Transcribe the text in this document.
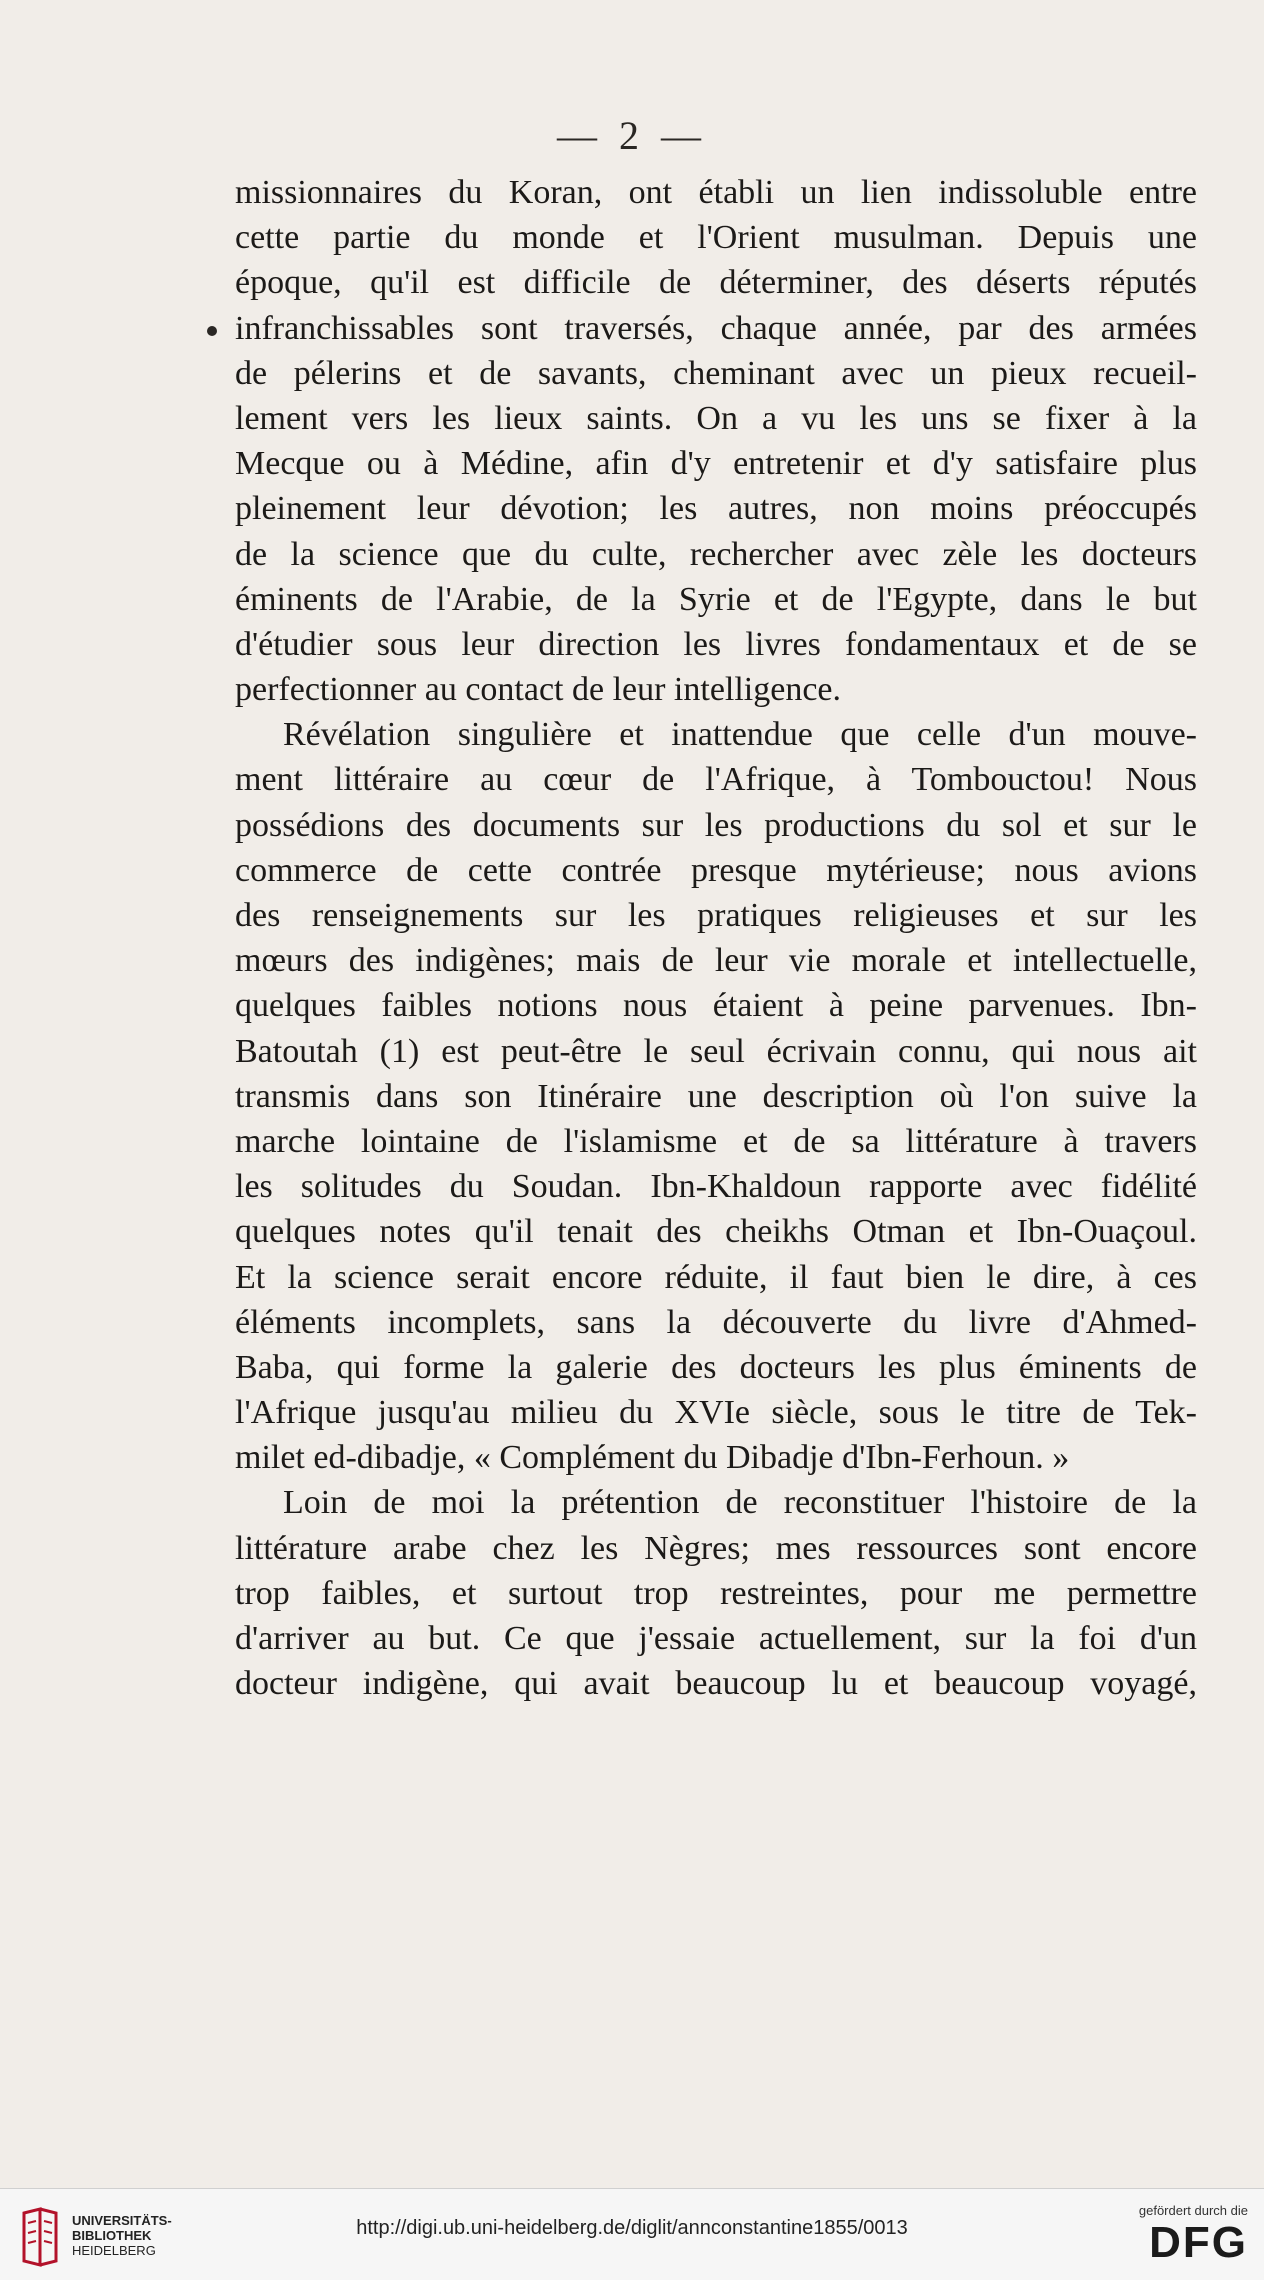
— 2 —
missionnaires du Koran, ont établi un lien indissoluble entre
cette partie du monde et l'Orient musulman. Depuis une
époque, qu'il est difficile de déterminer, des déserts réputés
infranchissables sont traversés, chaque année, par des armées
de pélerins et de savants, cheminant avec un pieux recueil-
lement vers les lieux saints. On a vu les uns se fixer à la
Mecque ou à Médine, afin d'y entretenir et d'y satisfaire plus
pleinement leur dévotion; les autres, non moins préoccupés
de la science que du culte, rechercher avec zèle les docteurs
éminents de l'Arabie, de la Syrie et de l'Egypte, dans le but
d'étudier sous leur direction les livres fondamentaux et de se
perfectionner au contact de leur intelligence.
Révélation singulière et inattendue que celle d'un mouve-
ment littéraire au cœur de l'Afrique, à Tombouctou! Nous
possédions des documents sur les productions du sol et sur le
commerce de cette contrée presque mytérieuse; nous avions
des renseignements sur les pratiques religieuses et sur les
mœurs des indigènes; mais de leur vie morale et intellectuelle,
quelques faibles notions nous étaient à peine parvenues. Ibn-
Batoutah (1) est peut-être le seul écrivain connu, qui nous ait
transmis dans son Itinéraire une description où l'on suive la
marche lointaine de l'islamisme et de sa littérature à travers
les solitudes du Soudan. Ibn-Khaldoun rapporte avec fidélité
quelques notes qu'il tenait des cheikhs Otman et Ibn-Ouaçoul.
Et la science serait encore réduite, il faut bien le dire, à ces
éléments incomplets, sans la découverte du livre d'Ahmed-
Baba, qui forme la galerie des docteurs les plus éminents de
l'Afrique jusqu'au milieu du XVIe siècle, sous le titre de Tek-
milet ed-dibadje, « Complément du Dibadje d'Ibn-Ferhoun. »
Loin de moi la prétention de reconstituer l'histoire de la
littérature arabe chez les Nègres; mes ressources sont encore
trop faibles, et surtout trop restreintes, pour me permettre
d'arriver au but. Ce que j'essaie actuellement, sur la foi d'un
docteur indigène, qui avait beaucoup lu et beaucoup voyagé,
UNIVERSITÄTS-
BIBLIOTHEK
HEIDELBERG
http://digi.ub.uni-heidelberg.de/diglit/annconstantine1855/0013
gefördert durch die
DFG
